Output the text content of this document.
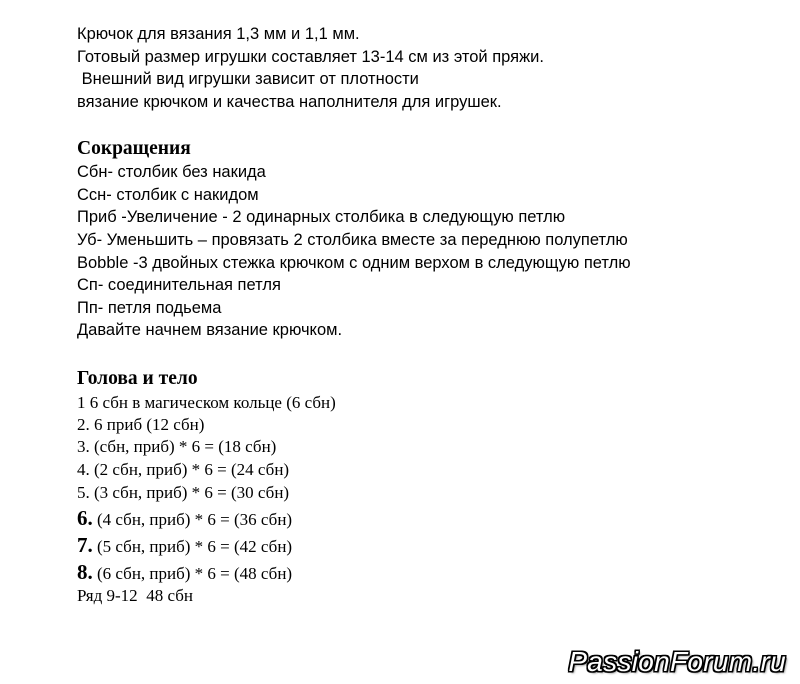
Крючок для вязания 1,3 мм и 1,1 мм.
Готовый размер игрушки составляет 13-14 см из этой пряжи.
Внешний вид игрушки зависит от плотности
вязание крючком и качества наполнителя для игрушек.
Сокращения
Сбн- столбик без накида
Ссн- столбик с накидом
Приб -Увеличение - 2 одинарных столбика в следующую петлю
Уб- Уменьшить – провязать 2 столбика вместе за переднюю полупетлю
Bobble -3 двойных стежка крючком с одним верхом в следующую петлю
Сп- соединительная петля
Пп- петля подьема
Давайте начнем вязание крючком.
Голова и тело
1 6 сбн в магическом кольце (6 сбн)
2. 6 приб (12 сбн)
3. (сбн, приб) * 6 = (18 сбн)
4. (2 сбн, приб) * 6 = (24 сбн)
5. (3 сбн, приб) * 6 = (30 сбн)
6. (4 сбн, приб) * 6 = (36 сбн)
7. (5 сбн, приб) * 6 = (42 сбн)
8. (6 сбн, приб) * 6 = (48 сбн)
Ряд 9-12  48 сбн
PassionForum.ru
